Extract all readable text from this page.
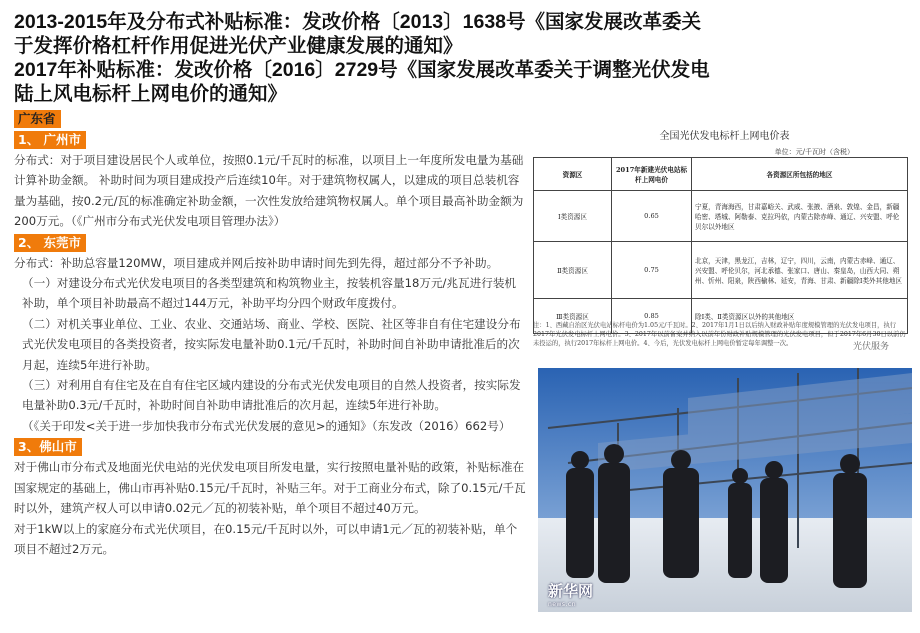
2013-2015年及分布式补贴标准：发改价格〔2013〕1638号《国家发展改革委关
于发挥价格杠杆作用促进光伏产业健康发展的通知》
2017年补贴标准：发改价格〔2016〕2729号《国家发展改革委关于调整光伏发电
陆上风电标杆上网电价的通知》
广东省
1、 广州市
分布式：对于项目建设居民个人或单位，按照0.1元/千瓦时的标准，以项目上一年度所发电量为基础计算补助金额。 补助时间为项目建成投产后连续10年。对于建筑物权属人，以建成的项目总装机容量为基础，按0.2元/瓦的标准确定补助金额，一次性发放给建筑物权属人。单个项目最高补助金额为200万元。（《广州市分布式光伏发电项目管理办法》）
2、 东莞市
分布式：补助总容量120MW，项目建成并网后按补助申请时间先到先得，超过部分不予补助。
（一）对建设分布式光伏发电项目的各类型建筑和构筑物业主，按装机容量18万元/兆瓦进行装机补助，单个项目补助最高不超过144万元，补助平均分四个财政年度拨付。
（二）对机关事业单位、工业、农业、交通站场、商业、学校、医院、社区等非自有住宅建设分布式光伏发电项目的各类投资者，按实际发电量补助0.1元/千瓦时，补助时间自补助申请批准后的次月起，连续5年进行补助。
（三）对利用自有住宅及在自有住宅区域内建设的分布式光伏发电项目的自然人投资者，按实际发电量补助0.3元/千瓦时，补助时间自补助申请批准后的次月起，连续5年进行补助。
（《关于印发<关于进一步加快我市分布式光伏发展的意见>的通知》（东发改（2016）662号）
3、佛山市
对于佛山市分布式及地面光伏电站的光伏发电项目所发电量，实行按照电量补贴的政策，补贴标准在国家规定的基础上，佛山市再补贴0.15元/千瓦时，补贴三年。对于工商业分布式，除了0.15元/千瓦时以外，建筑产权人可以申请0.02元／瓦的初装补贴，单个项目不超过40万元。
对于1kW以上的家庭分布式光伏项目，在0.15元/千瓦时以外，可以申请1元／瓦的初装补贴，单个项目不超过2万元。
全国光伏发电标杆上网电价表
单位：元/千瓦时（含税）
资源区	2017年新建光伏电站标杆上网电价	各资源区所包括的地区
Ⅰ类资源区	0.65	宁夏，青海海西，甘肃嘉峪关、武威、张掖、酒泉、敦煌、金昌，新疆哈密、塔城、阿勒泰、克拉玛依，内蒙古除赤峰、通辽、兴安盟、呼伦贝尔以外地区
Ⅱ类资源区	0.75	北京，天津，黑龙江，吉林，辽宁，四川，云南，内蒙古赤峰、通辽、兴安盟、呼伦贝尔，河北承德、张家口、唐山、秦皇岛，山西大同、朔州、忻州、阳泉，陕西榆林、延安，青海、甘肃、新疆除Ⅰ类外其他地区
Ⅲ类资源区	0.85	除Ⅰ类、Ⅱ类资源区以外的其他地区
注：1、西藏自治区光伏电站标杆电价为1.05元/千瓦时。2、2017年1月1日以后纳入财政补贴年度规模管理的光伏发电项目，执行2017年光伏发电标杆上网电价。3、2017年以前备案并纳入以前年份财政补贴规模管理的光伏发电项目，但于2017年6月30日以前仍未投运的，执行2017年标杆上网电价。4、今后，光伏发电标杆上网电价暂定每年调整一次。	光伏服务
新华网
news.cn
